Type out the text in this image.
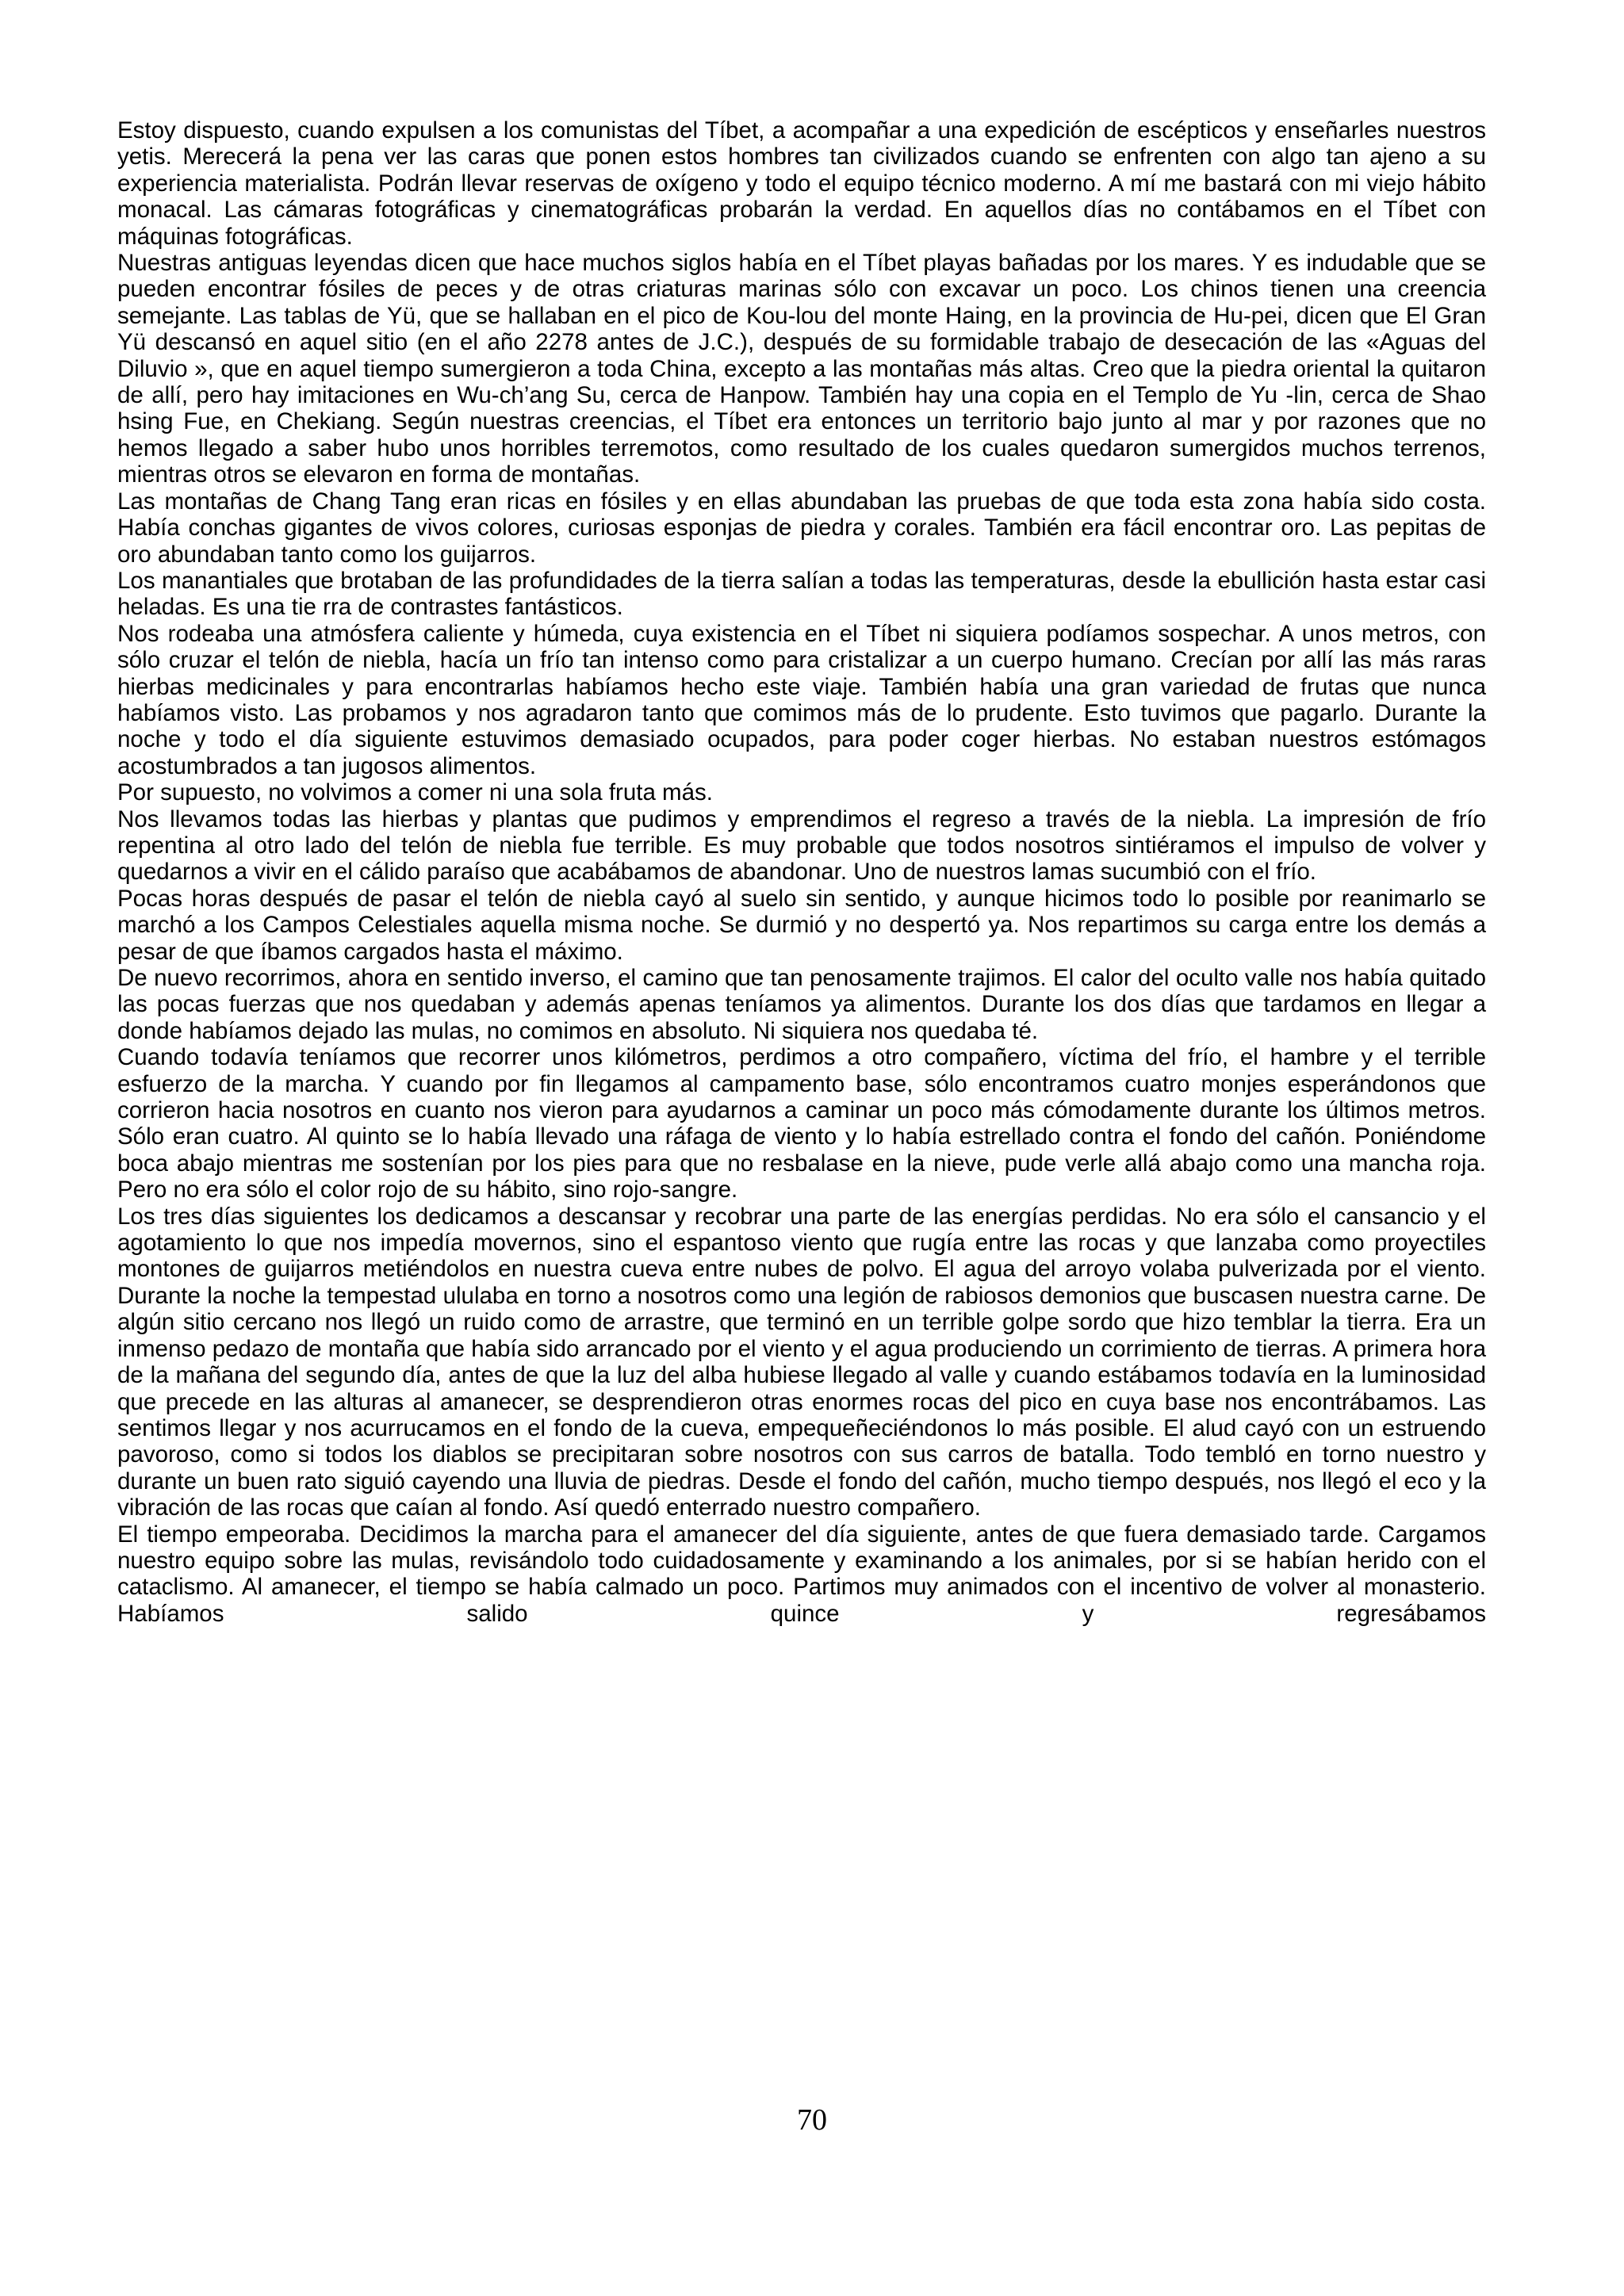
Estoy dispuesto, cuando expulsen a los comunistas del Tíbet, a acompañar a una expedición de escépticos y enseñarles nuestros yetis. Merecerá la pena ver las caras que ponen estos hombres tan civilizados cuando se enfrenten con algo tan ajeno a su experiencia materialista. Podrán llevar reservas de oxígeno y todo el equipo técnico moderno. A mí me bastará con mi viejo hábito monacal. Las cámaras fotográficas y cinematográficas probarán la verdad. En aquellos días no contábamos en el Tíbet con máquinas fotográficas.

Nuestras antiguas leyendas dicen que hace muchos siglos había en el Tíbet playas bañadas por los mares. Y es indudable que se pueden encontrar fósiles de peces y de otras criaturas marinas sólo con excavar un poco. Los chinos tienen una creencia semejante. Las tablas de Yü, que se hallaban en el pico de Kou-lou del monte Haing, en la provincia de Hu-pei, dicen que El Gran Yü descansó en aquel sitio (en el año 2278 antes de J.C.), después de su formidable trabajo de desecación de las «Aguas del Diluvio », que en aquel tiempo sumergieron a toda China, excepto a las montañas más altas. Creo que la piedra oriental la quitaron de allí, pero hay imitaciones en Wu-ch’ang Su, cerca de Hanpow. También hay una copia en el Templo de Yu -lin, cerca de Shao hsing Fue, en Chekiang. Según nuestras creencias, el Tíbet era entonces un territorio bajo junto al mar y por razones que no hemos llegado a saber hubo unos horribles terremotos, como resultado de los cuales quedaron sumergidos muchos terrenos, mientras otros se elevaron en forma de montañas.

Las montañas de Chang Tang eran ricas en fósiles y en ellas abundaban las pruebas de que toda esta zona había sido costa. Había conchas gigantes de vivos colores, curiosas esponjas de piedra y corales. También era fácil encontrar oro. Las pepitas de oro abundaban tanto como los guijarros.

Los manantiales que brotaban de las profundidades de la tierra salían a todas las temperaturas, desde la ebullición hasta estar casi heladas. Es una tie rra de contrastes fantásticos.

Nos rodeaba una atmósfera caliente y húmeda, cuya existencia en el Tíbet ni siquiera podíamos sospechar. A unos metros, con sólo cruzar el telón de niebla, hacía un frío tan intenso como para cristalizar a un cuerpo humano. Crecían por allí las más raras hierbas medicinales y para encontrarlas habíamos hecho este viaje. También había una gran variedad de frutas que nunca habíamos visto. Las probamos y nos agradaron tanto que comimos más de lo prudente. Esto tuvimos que pagarlo. Durante la noche y todo el día siguiente estuvimos demasiado ocupados, para poder coger hierbas. No estaban nuestros estómagos acostumbrados a tan jugosos alimentos.

Por supuesto, no volvimos a comer ni una sola fruta más.

Nos llevamos todas las hierbas y plantas que pudimos y emprendimos el regreso a través de la niebla. La impresión de frío repentina al otro lado del telón de niebla fue terrible. Es muy probable que todos nosotros sintiéramos el impulso de volver y quedarnos a vivir en el cálido paraíso que acabábamos de abandonar. Uno de nuestros lamas sucumbió con el frío.

Pocas horas después de pasar el telón de niebla cayó al suelo sin sentido, y aunque hicimos todo lo posible por reanimarlo se marchó a los Campos Celestiales aquella misma noche. Se durmió y no despertó ya. Nos repartimos su carga entre los demás a pesar de que íbamos cargados hasta el máximo.

De nuevo recorrimos, ahora en sentido inverso, el camino que tan penosamente trajimos. El calor del oculto valle nos había quitado las pocas fuerzas que nos quedaban y además apenas teníamos ya alimentos. Durante los dos días que tardamos en llegar a donde habíamos dejado las mulas, no comimos en absoluto. Ni siquiera nos quedaba té.

Cuando todavía teníamos que recorrer unos kilómetros, perdimos a otro compañero, víctima del frío, el hambre y el terrible esfuerzo de la marcha. Y cuando por fin llegamos al campamento base, sólo encontramos cuatro monjes esperándonos que corrieron hacia nosotros en cuanto nos vieron para ayudarnos a caminar un poco más cómodamente durante los últimos metros. Sólo eran cuatro. Al quinto se lo había llevado una ráfaga de viento y lo había estrellado contra el fondo del cañón. Poniéndome boca abajo mientras me sostenían por los pies para que no resbalase en la nieve, pude verle allá abajo como una mancha roja. Pero no era sólo el color rojo de su hábito, sino rojo-sangre.

Los tres días siguientes los dedicamos a descansar y recobrar una parte de las energías perdidas. No era sólo el cansancio y el agotamiento lo que nos impedía movernos, sino el espantoso viento que rugía entre las rocas y que lanzaba como proyectiles montones de guijarros metiéndolos en nuestra cueva entre nubes de polvo. El agua del arroyo volaba pulverizada por el viento. Durante la noche la tempestad ululaba en torno a nosotros como una legión de rabiosos demonios que buscasen nuestra carne. De algún sitio cercano nos llegó un ruido como de arrastre, que terminó en un terrible golpe sordo que hizo temblar la tierra. Era un inmenso pedazo de montaña que había sido arrancado por el viento y el agua produciendo un corrimiento de tierras. A primera hora de la mañana del segundo día, antes de que la luz del alba hubiese llegado al valle y cuando estábamos todavía en la luminosidad que precede en las alturas al amanecer, se desprendieron otras enormes rocas del pico en cuya base nos encontrábamos. Las sentimos llegar y nos acurrucamos en el fondo de la cueva, empequeñeciéndonos lo más posible. El alud cayó con un estruendo pavoroso, como si todos los diablos se precipitaran sobre nosotros con sus carros de batalla. Todo tembló en torno nuestro y durante un buen rato siguió cayendo una lluvia de piedras. Desde el fondo del cañón, mucho tiempo después, nos llegó el eco y la vibración de las rocas que caían al fondo. Así quedó enterrado nuestro compañero.

El tiempo empeoraba. Decidimos la marcha para el amanecer del día siguiente, antes de que fuera demasiado tarde. Cargamos nuestro equipo sobre las mulas, revisándolo todo cuidadosamente y examinando a los animales, por si se habían herido con el cataclismo. Al amanecer, el tiempo se había calmado un poco. Partimos muy animados con el incentivo de volver al monasterio. Habíamos salido quince y regresábamos

70
